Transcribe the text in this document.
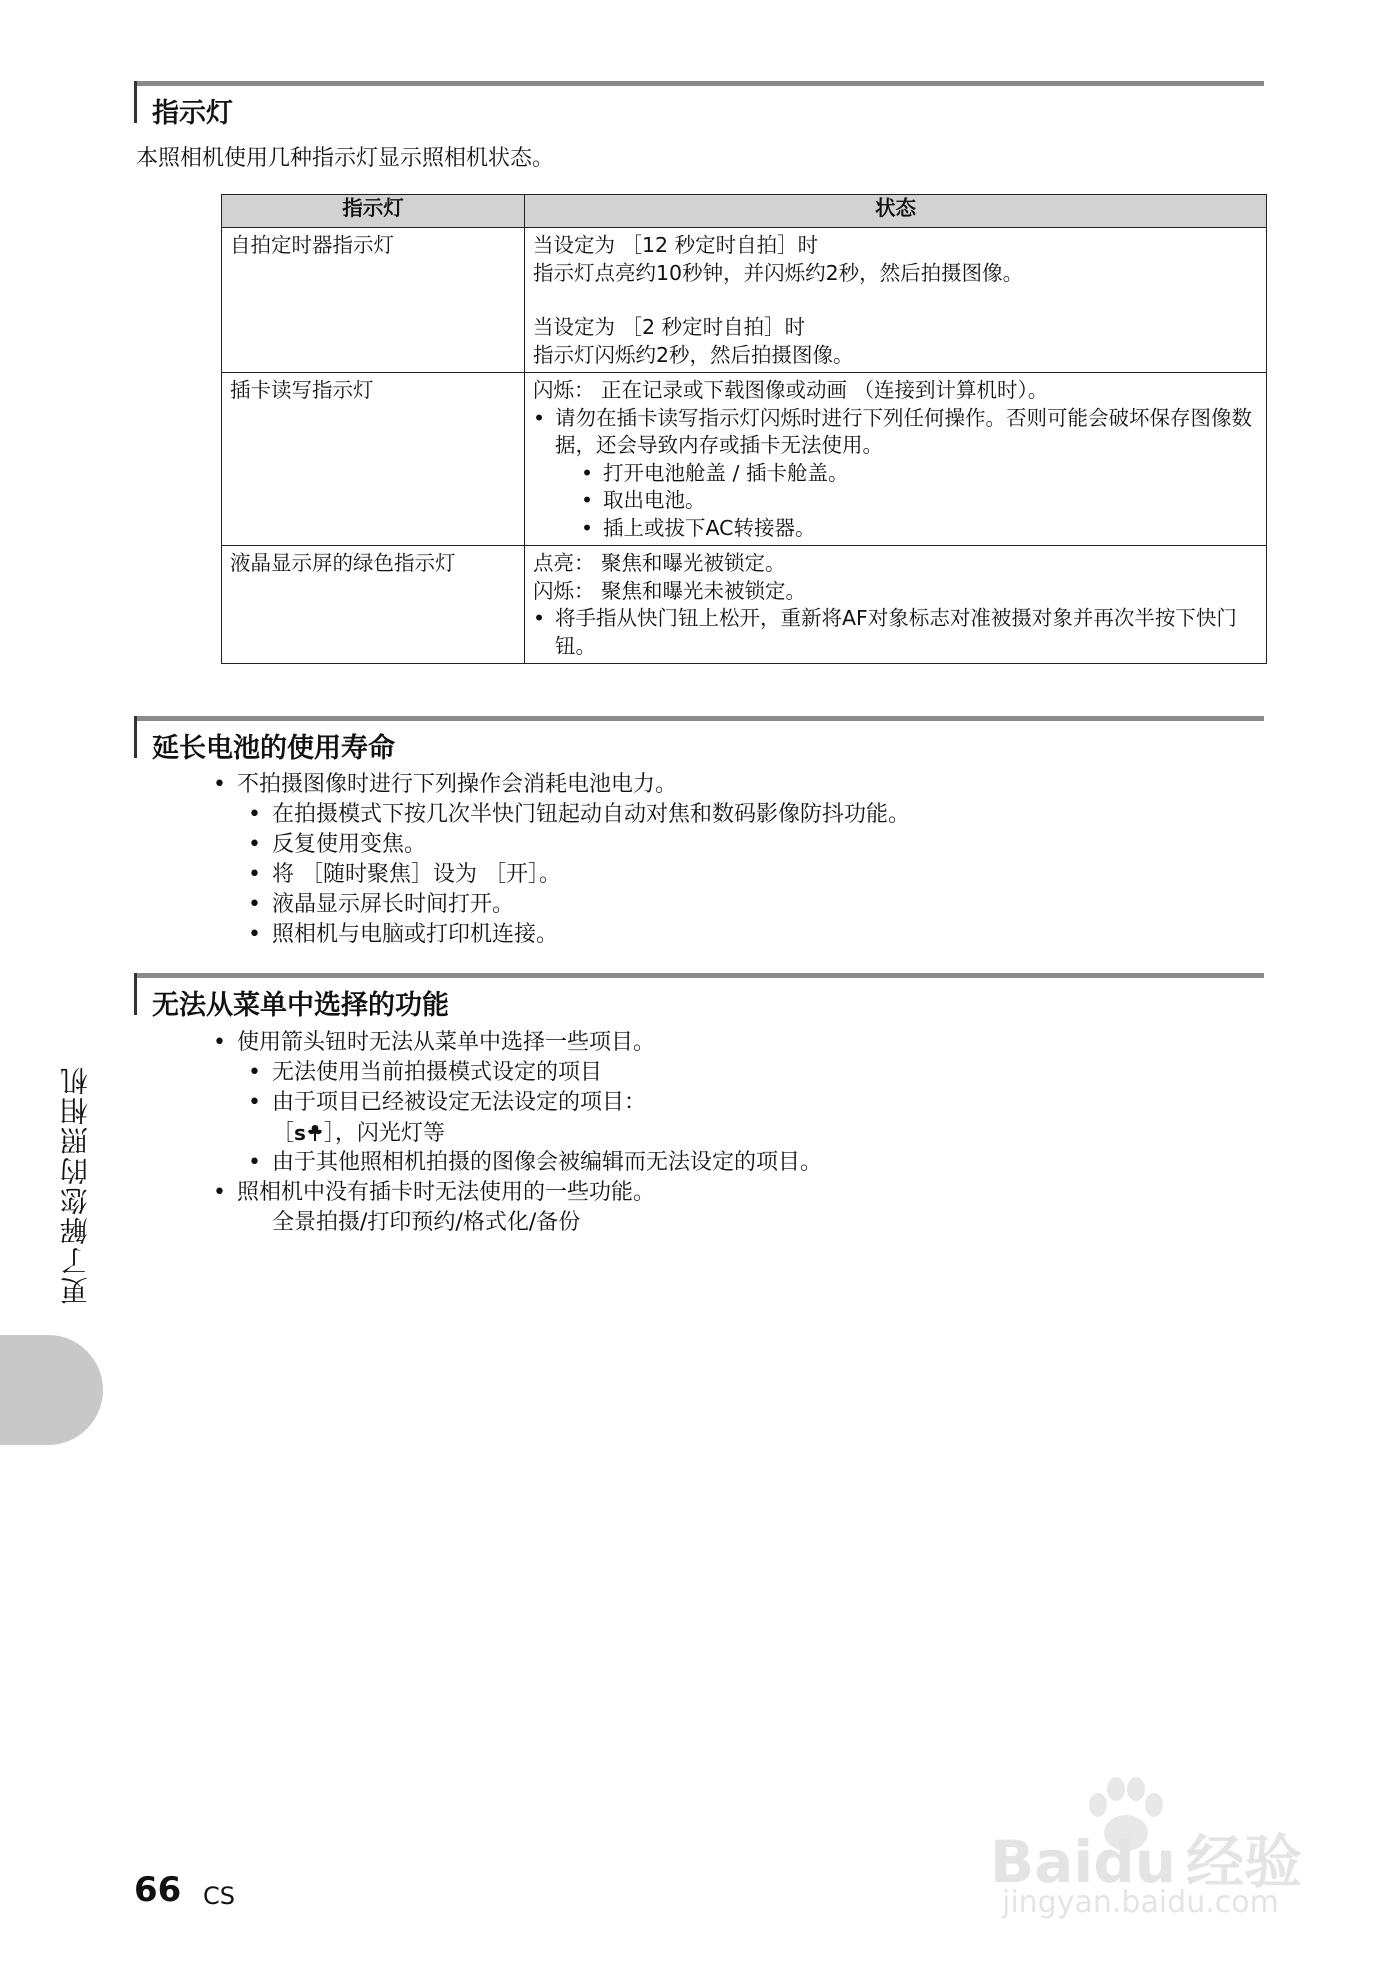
指示灯
本照相机使用几种指示灯显示照相机状态。
指示灯	状态
自拍定时器指示灯	当设定为 ［12 秒定时自拍］时
指示灯点亮约10秒钟，并闪烁约2秒，然后拍摄图像。
当设定为 ［2 秒定时自拍］时
指示灯闪烁约2秒，然后拍摄图像。

插卡读写指示灯	闪烁： 正在记录或下载图像或动画 （连接到计算机时）。
• 请勿在插卡读写指示灯闪烁时进行下列任何操作。否则可能会破坏保存图像数据，还会导致内存或插卡无法使用。
• 打开电池舱盖 / 插卡舱盖。
• 取出电池。
• 插上或拔下AC转接器。

液晶显示屏的绿色指示灯	点亮： 聚焦和曝光被锁定。
闪烁： 聚焦和曝光未被锁定。
• 将手指从快门钮上松开，重新将AF对象标志对准被摄对象并再次半按下快门钮。
延长电池的使用寿命
• 不拍摄图像时进行下列操作会消耗电池电力。
• 在拍摄模式下按几次半快门钮起动自动对焦和数码影像防抖功能。
• 反复使用变焦。
• 将 ［随时聚焦］设为 ［开］。
• 液晶显示屏长时间打开。
• 照相机与电脑或打印机连接。
无法从菜单中选择的功能
• 使用箭头钮时无法从菜单中选择一些项目。
• 无法使用当前拍摄模式设定的项目
• 由于项目已经被设定无法设定的项目：
［s ］，闪光灯等
• 由于其他照相机拍摄的图像会被编辑而无法设定的项目。
• 照相机中没有插卡时无法使用的一些功能。
全景拍摄/打印预约/格式化/备份
更了解您的照相机
66 CS	Baidu 经验
jingyan.baidu.com
